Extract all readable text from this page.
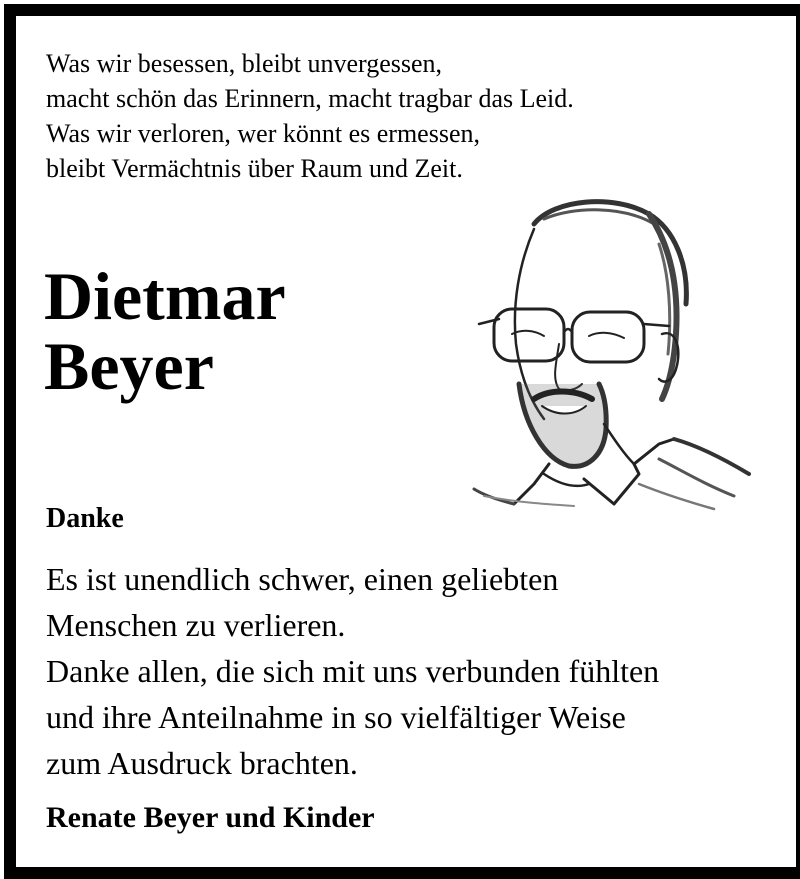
Was wir besessen, bleibt unvergessen,
macht schön das Erinnern, macht tragbar das Leid.
Was wir verloren, wer könnt es ermessen,
bleibt Vermächtnis über Raum und Zeit.
Dietmar
Beyer
Danke
Es ist unendlich schwer, einen geliebten
Menschen zu verlieren.
Danke allen, die sich mit uns verbunden fühlten
und ihre Anteilnahme in so vielfältiger Weise
zum Ausdruck brachten.
Renate Beyer und Kinder
